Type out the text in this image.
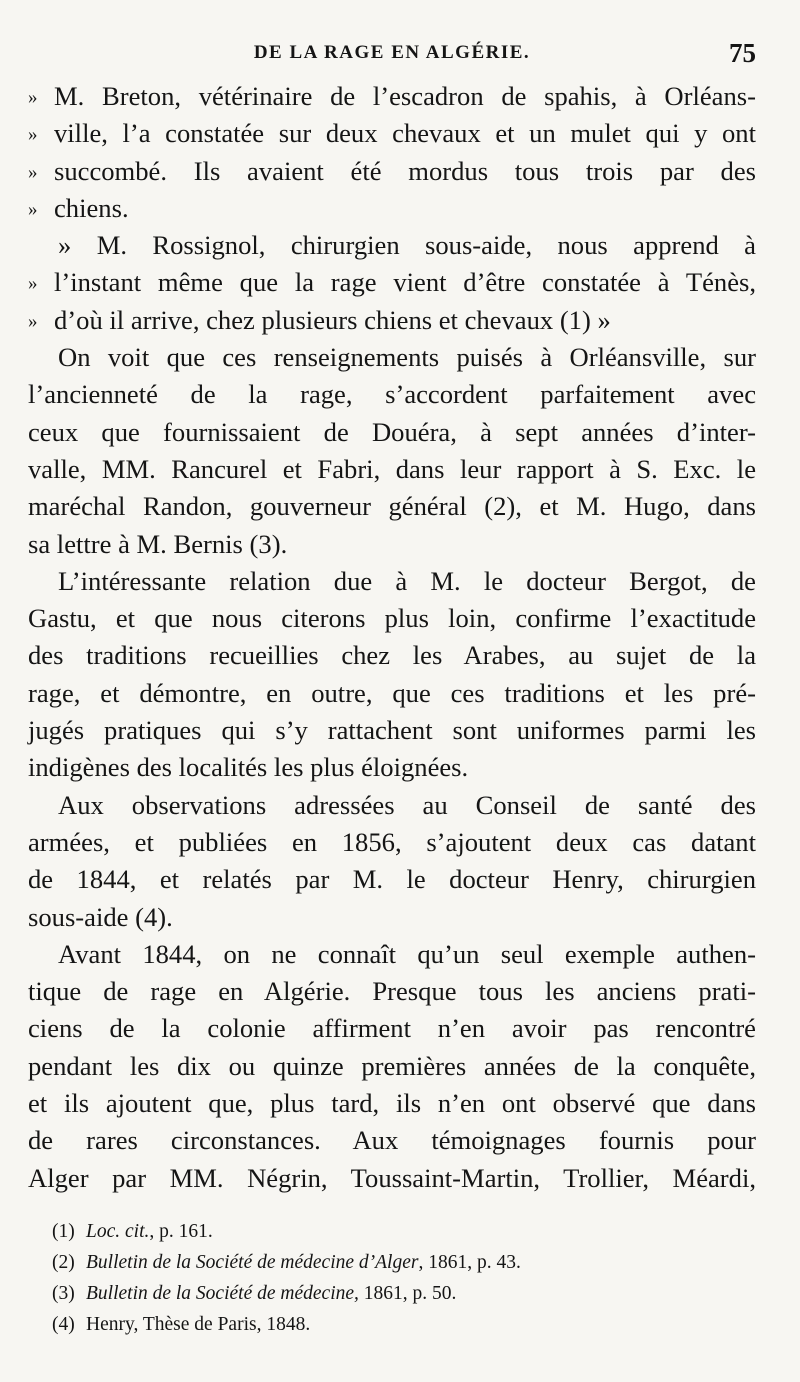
DE LA RAGE EN ALGÉRIE.	75
» M. Breton, vétérinaire de l’escadron de spahis, à Orléans-
» ville, l’a constatée sur deux chevaux et un mulet qui y ont
» succombé. Ils avaient été mordus tous trois par des
» chiens.
» M. Rossignol, chirurgien sous-aide, nous apprend à
» l’instant même que la rage vient d’être constatée à Ténès,
» d’où il arrive, chez plusieurs chiens et chevaux (1) »
On voit que ces renseignements puisés à Orléansville, sur
l’ancienneté de la rage, s’accordent parfaitement avec
ceux que fournissaient de Douéra, à sept années d’inter-
valle, MM. Rancurel et Fabri, dans leur rapport à S. Exc. le
maréchal Randon, gouverneur général (2), et M. Hugo, dans
sa lettre à M. Bernis (3).
L’intéressante relation due à M. le docteur Bergot, de
Gastu, et que nous citerons plus loin, confirme l’exactitude
des traditions recueillies chez les Arabes, au sujet de la
rage, et démontre, en outre, que ces traditions et les pré-
jugés pratiques qui s’y rattachent sont uniformes parmi les
indigènes des localités les plus éloignées.
Aux observations adressées au Conseil de santé des
armées, et publiées en 1856, s’ajoutent deux cas datant
de 1844, et relatés par M. le docteur Henry, chirurgien
sous-aide (4).
Avant 1844, on ne connaît qu’un seul exemple authen-
tique de rage en Algérie. Presque tous les anciens prati-
ciens de la colonie affirment n’en avoir pas rencontré
pendant les dix ou quinze premières années de la conquête,
et ils ajoutent que, plus tard, ils n’en ont observé que dans
de rares circonstances. Aux témoignages fournis pour
Alger par MM. Négrin, Toussaint-Martin, Trollier, Méardi,
(1) Loc. cit., p. 161.
(2) Bulletin de la Société de médecine d’Alger, 1861, p. 43.
(3) Bulletin de la Société de médecine, 1861, p. 50.
(4) Henry, Thèse de Paris, 1848.
